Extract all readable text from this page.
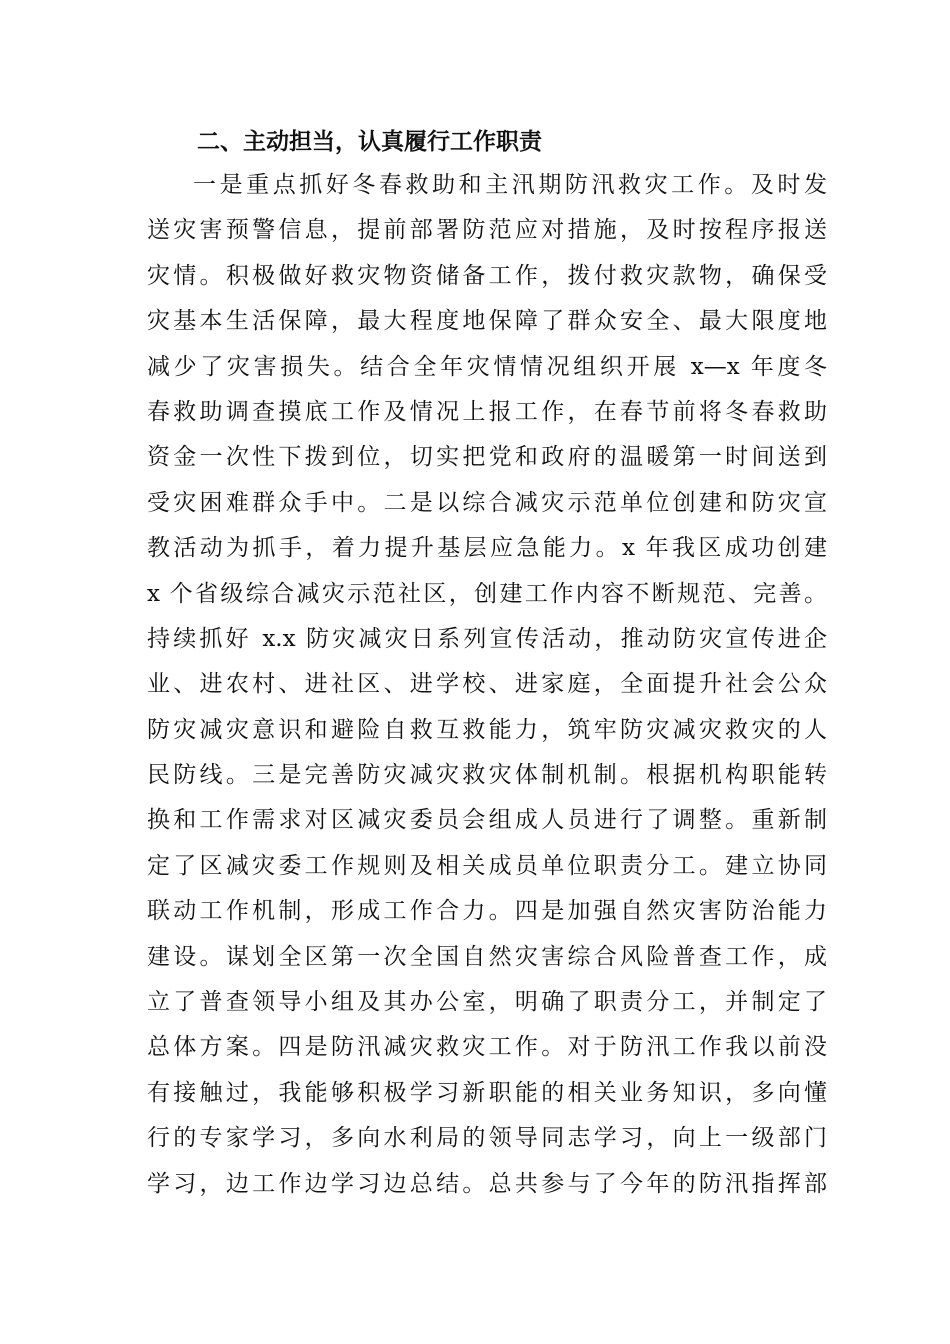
二、主动担当，认真履行工作职责
一是重点抓好冬春救助和主汛期防汛救灾工作。及时发
送灾害预警信息，提前部署防范应对措施，及时按程序报送
灾情。积极做好救灾物资储备工作，拨付救灾款物，确保受
灾基本生活保障，最大程度地保障了群众安全、最大限度地
减少了灾害损失。结合全年灾情情况组织开展 x—x 年度冬
春救助调查摸底工作及情况上报工作，在春节前将冬春救助
资金一次性下拨到位，切实把党和政府的温暖第一时间送到
受灾困难群众手中。二是以综合减灾示范单位创建和防灾宣
教活动为抓手，着力提升基层应急能力。x 年我区成功创建
x 个省级综合减灾示范社区，创建工作内容不断规范、完善。
持续抓好 x.x 防灾减灾日系列宣传活动，推动防灾宣传进企
业、进农村、进社区、进学校、进家庭，全面提升社会公众
防灾减灾意识和避险自救互救能力，筑牢防灾减灾救灾的人
民防线。三是完善防灾减灾救灾体制机制。根据机构职能转
换和工作需求对区减灾委员会组成人员进行了调整。重新制
定了区减灾委工作规则及相关成员单位职责分工。建立协同
联动工作机制，形成工作合力。四是加强自然灾害防治能力
建设。谋划全区第一次全国自然灾害综合风险普查工作，成
立了普查领导小组及其办公室，明确了职责分工，并制定了
总体方案。四是防汛减灾救灾工作。对于防汛工作我以前没
有接触过，我能够积极学习新职能的相关业务知识，多向懂
行的专家学习，多向水利局的领导同志学习，向上一级部门
学习，边工作边学习边总结。总共参与了今年的防汛指挥部
